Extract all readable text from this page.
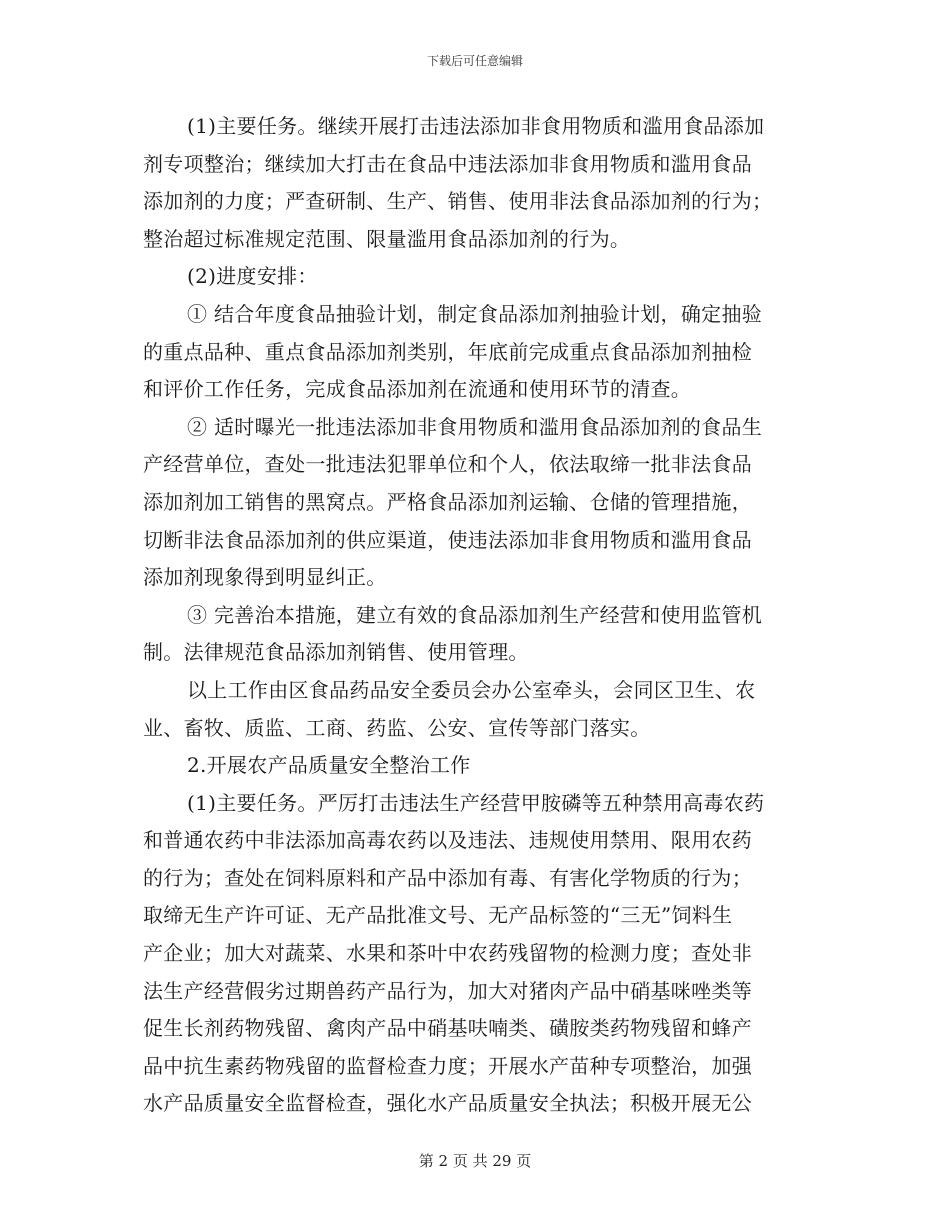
下载后可任意编辑
(1)主要任务。继续开展打击违法添加非食用物质和滥用食品添加
剂专项整治；继续加大打击在食品中违法添加非食用物质和滥用食品
添加剂的力度；严查研制、生产、销售、使用非法食品添加剂的行为；
整治超过标准规定范围、限量滥用食品添加剂的行为。
(2)进度安排：
① 结合年度食品抽验计划，制定食品添加剂抽验计划，确定抽验
的重点品种、重点食品添加剂类别，年底前完成重点食品添加剂抽检
和评价工作任务，完成食品添加剂在流通和使用环节的清查。
② 适时曝光一批违法添加非食用物质和滥用食品添加剂的食品生
产经营单位，查处一批违法犯罪单位和个人，依法取缔一批非法食品
添加剂加工销售的黑窝点。严格食品添加剂运输、仓储的管理措施，
切断非法食品添加剂的供应渠道，使违法添加非食用物质和滥用食品
添加剂现象得到明显纠正。
③ 完善治本措施，建立有效的食品添加剂生产经营和使用监管机
制。法律规范食品添加剂销售、使用管理。
以上工作由区食品药品安全委员会办公室牵头，会同区卫生、农
业、畜牧、质监、工商、药监、公安、宣传等部门落实。
2.开展农产品质量安全整治工作
(1)主要任务。严厉打击违法生产经营甲胺磷等五种禁用高毒农药
和普通农药中非法添加高毒农药以及违法、违规使用禁用、限用农药
的行为；查处在饲料原料和产品中添加有毒、有害化学物质的行为；
取缔无生产许可证、无产品批准文号、无产品标签的“三无”饲料生
产企业；加大对蔬菜、水果和茶叶中农药残留物的检测力度；查处非
法生产经营假劣过期兽药产品行为，加大对猪肉产品中硝基咪唑类等
促生长剂药物残留、禽肉产品中硝基呋喃类、磺胺类药物残留和蜂产
品中抗生素药物残留的监督检查力度；开展水产苗种专项整治，加强
水产品质量安全监督检查，强化水产品质量安全执法；积极开展无公
第 2 页 共 29 页
